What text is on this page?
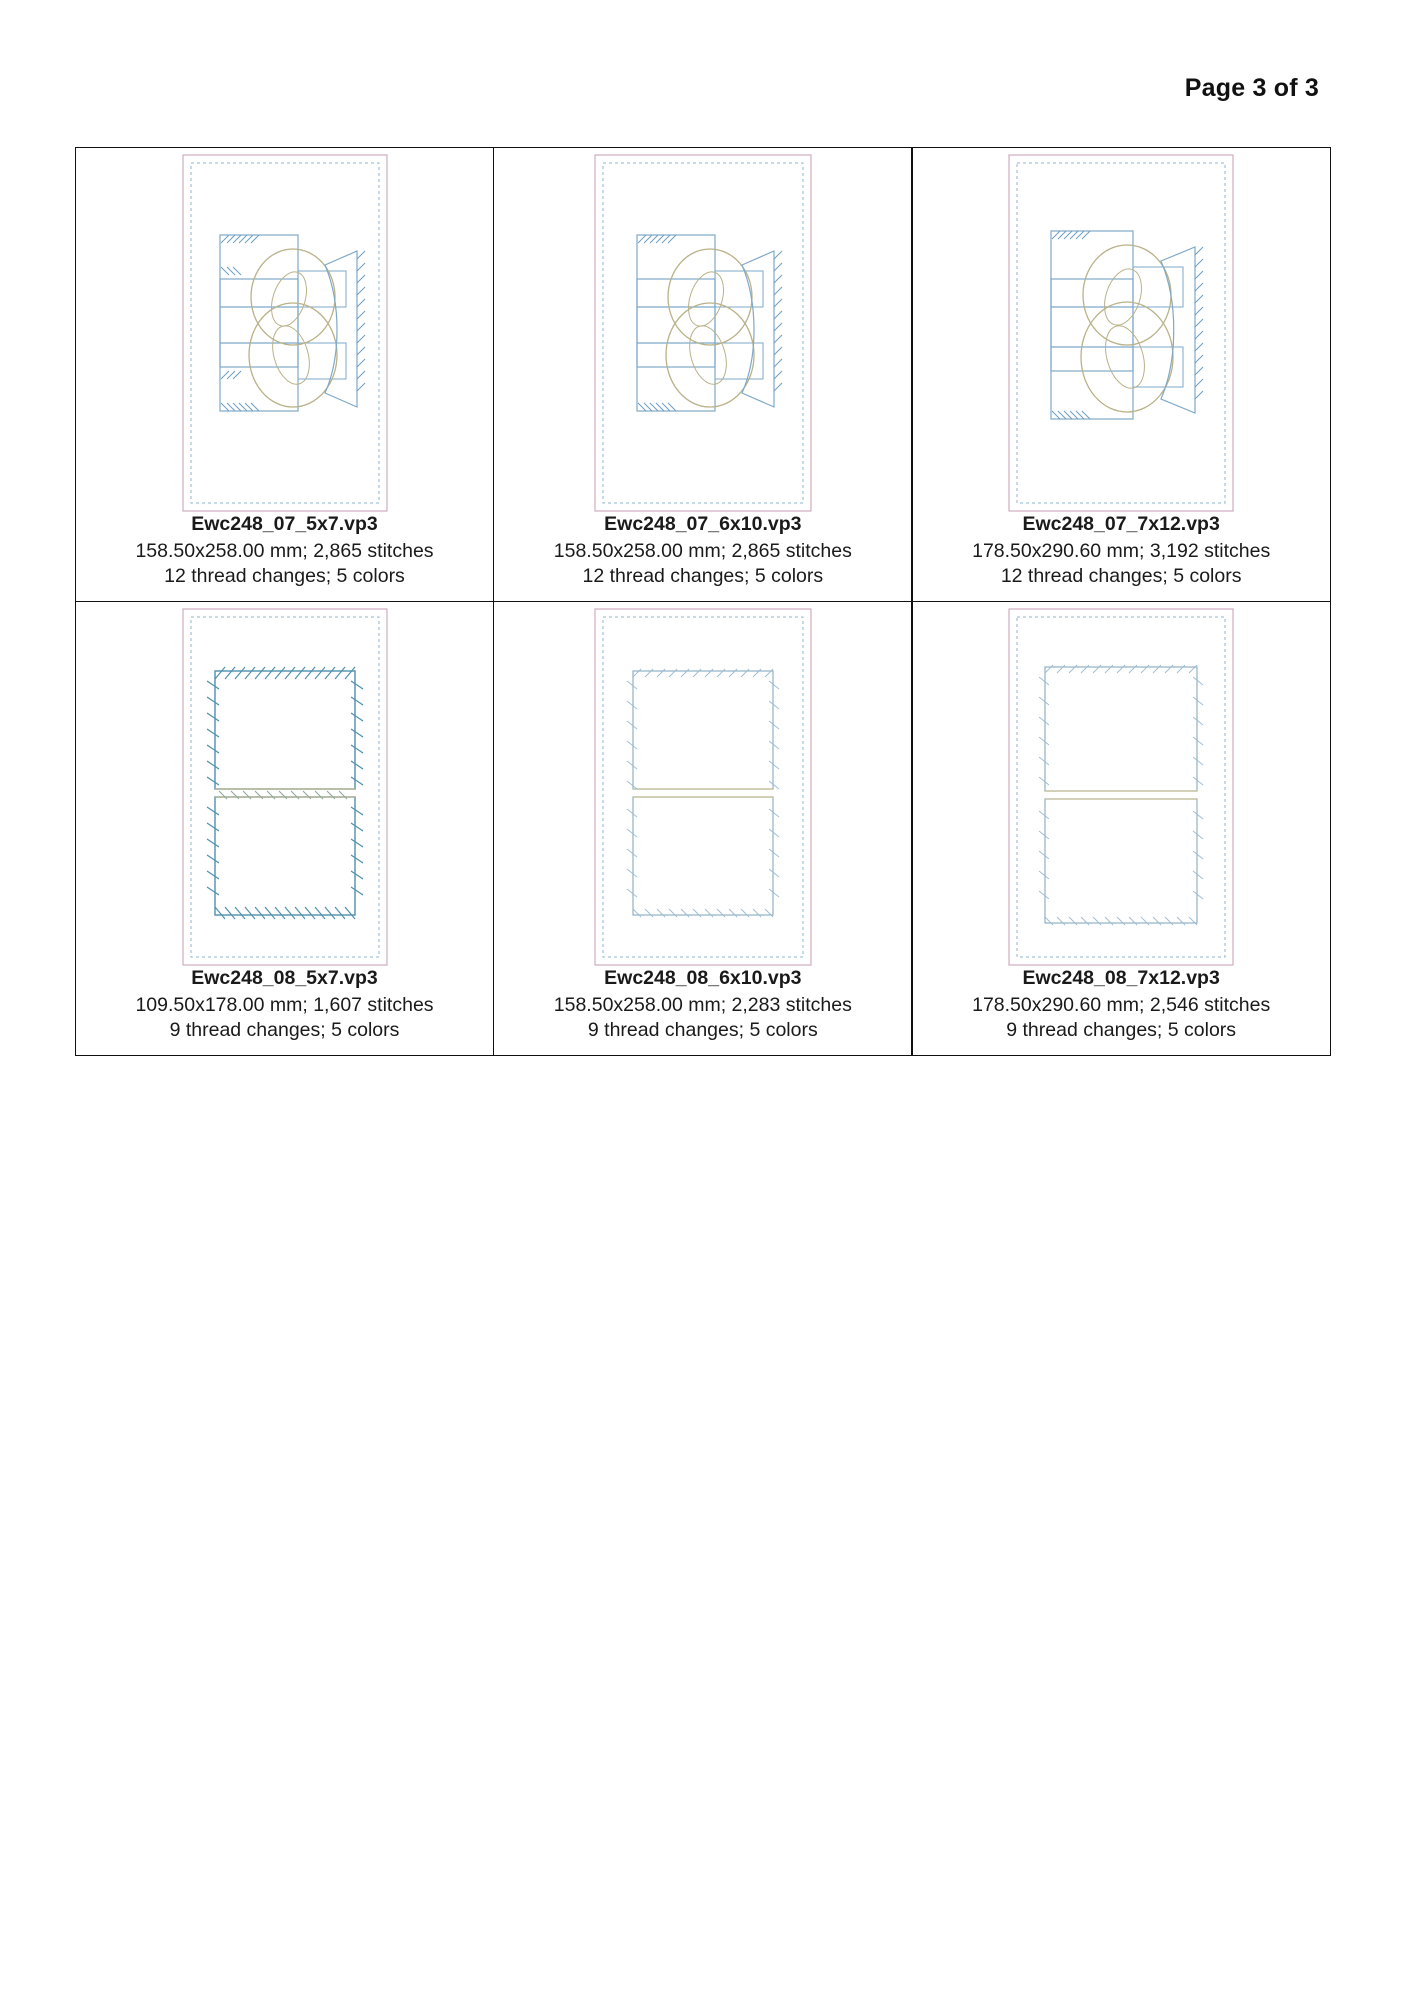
Page 3 of 3
Ewc248_07_5x7.vp3
158.50x258.00 mm; 2,865 stitches
12 thread changes; 5 colors
Ewc248_07_6x10.vp3
158.50x258.00 mm; 2,865 stitches
12 thread changes; 5 colors
Ewc248_07_7x12.vp3
178.50x290.60 mm; 3,192 stitches
12 thread changes; 5 colors
Ewc248_08_5x7.vp3
109.50x178.00 mm; 1,607 stitches
9 thread changes; 5 colors
Ewc248_08_6x10.vp3
158.50x258.00 mm; 2,283 stitches
9 thread changes; 5 colors
Ewc248_08_7x12.vp3
178.50x290.60 mm; 2,546 stitches
9 thread changes; 5 colors
